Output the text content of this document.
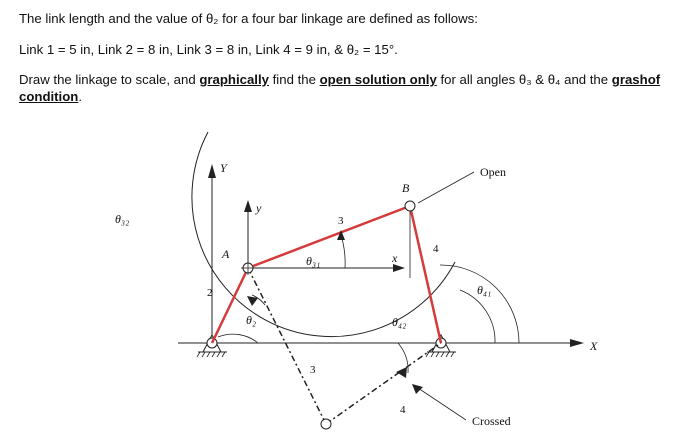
The link length and the value of θ₂ for a four bar linkage are defined as follows:

Link 1 = 5 in, Link 2 = 8 in, Link 3 = 8 in, Link 4 = 9 in, & θ₂ = 15°.

Draw the linkage to scale, and graphically find the open solution only for all angles θ₃ & θ₄ and the grashof condition.

Y
y
A
B
x
X
Open
Crossed
2
3
3
4
4
θ₂
θ₃₁
θ₄₁
θ₄₂
θ₃₂
